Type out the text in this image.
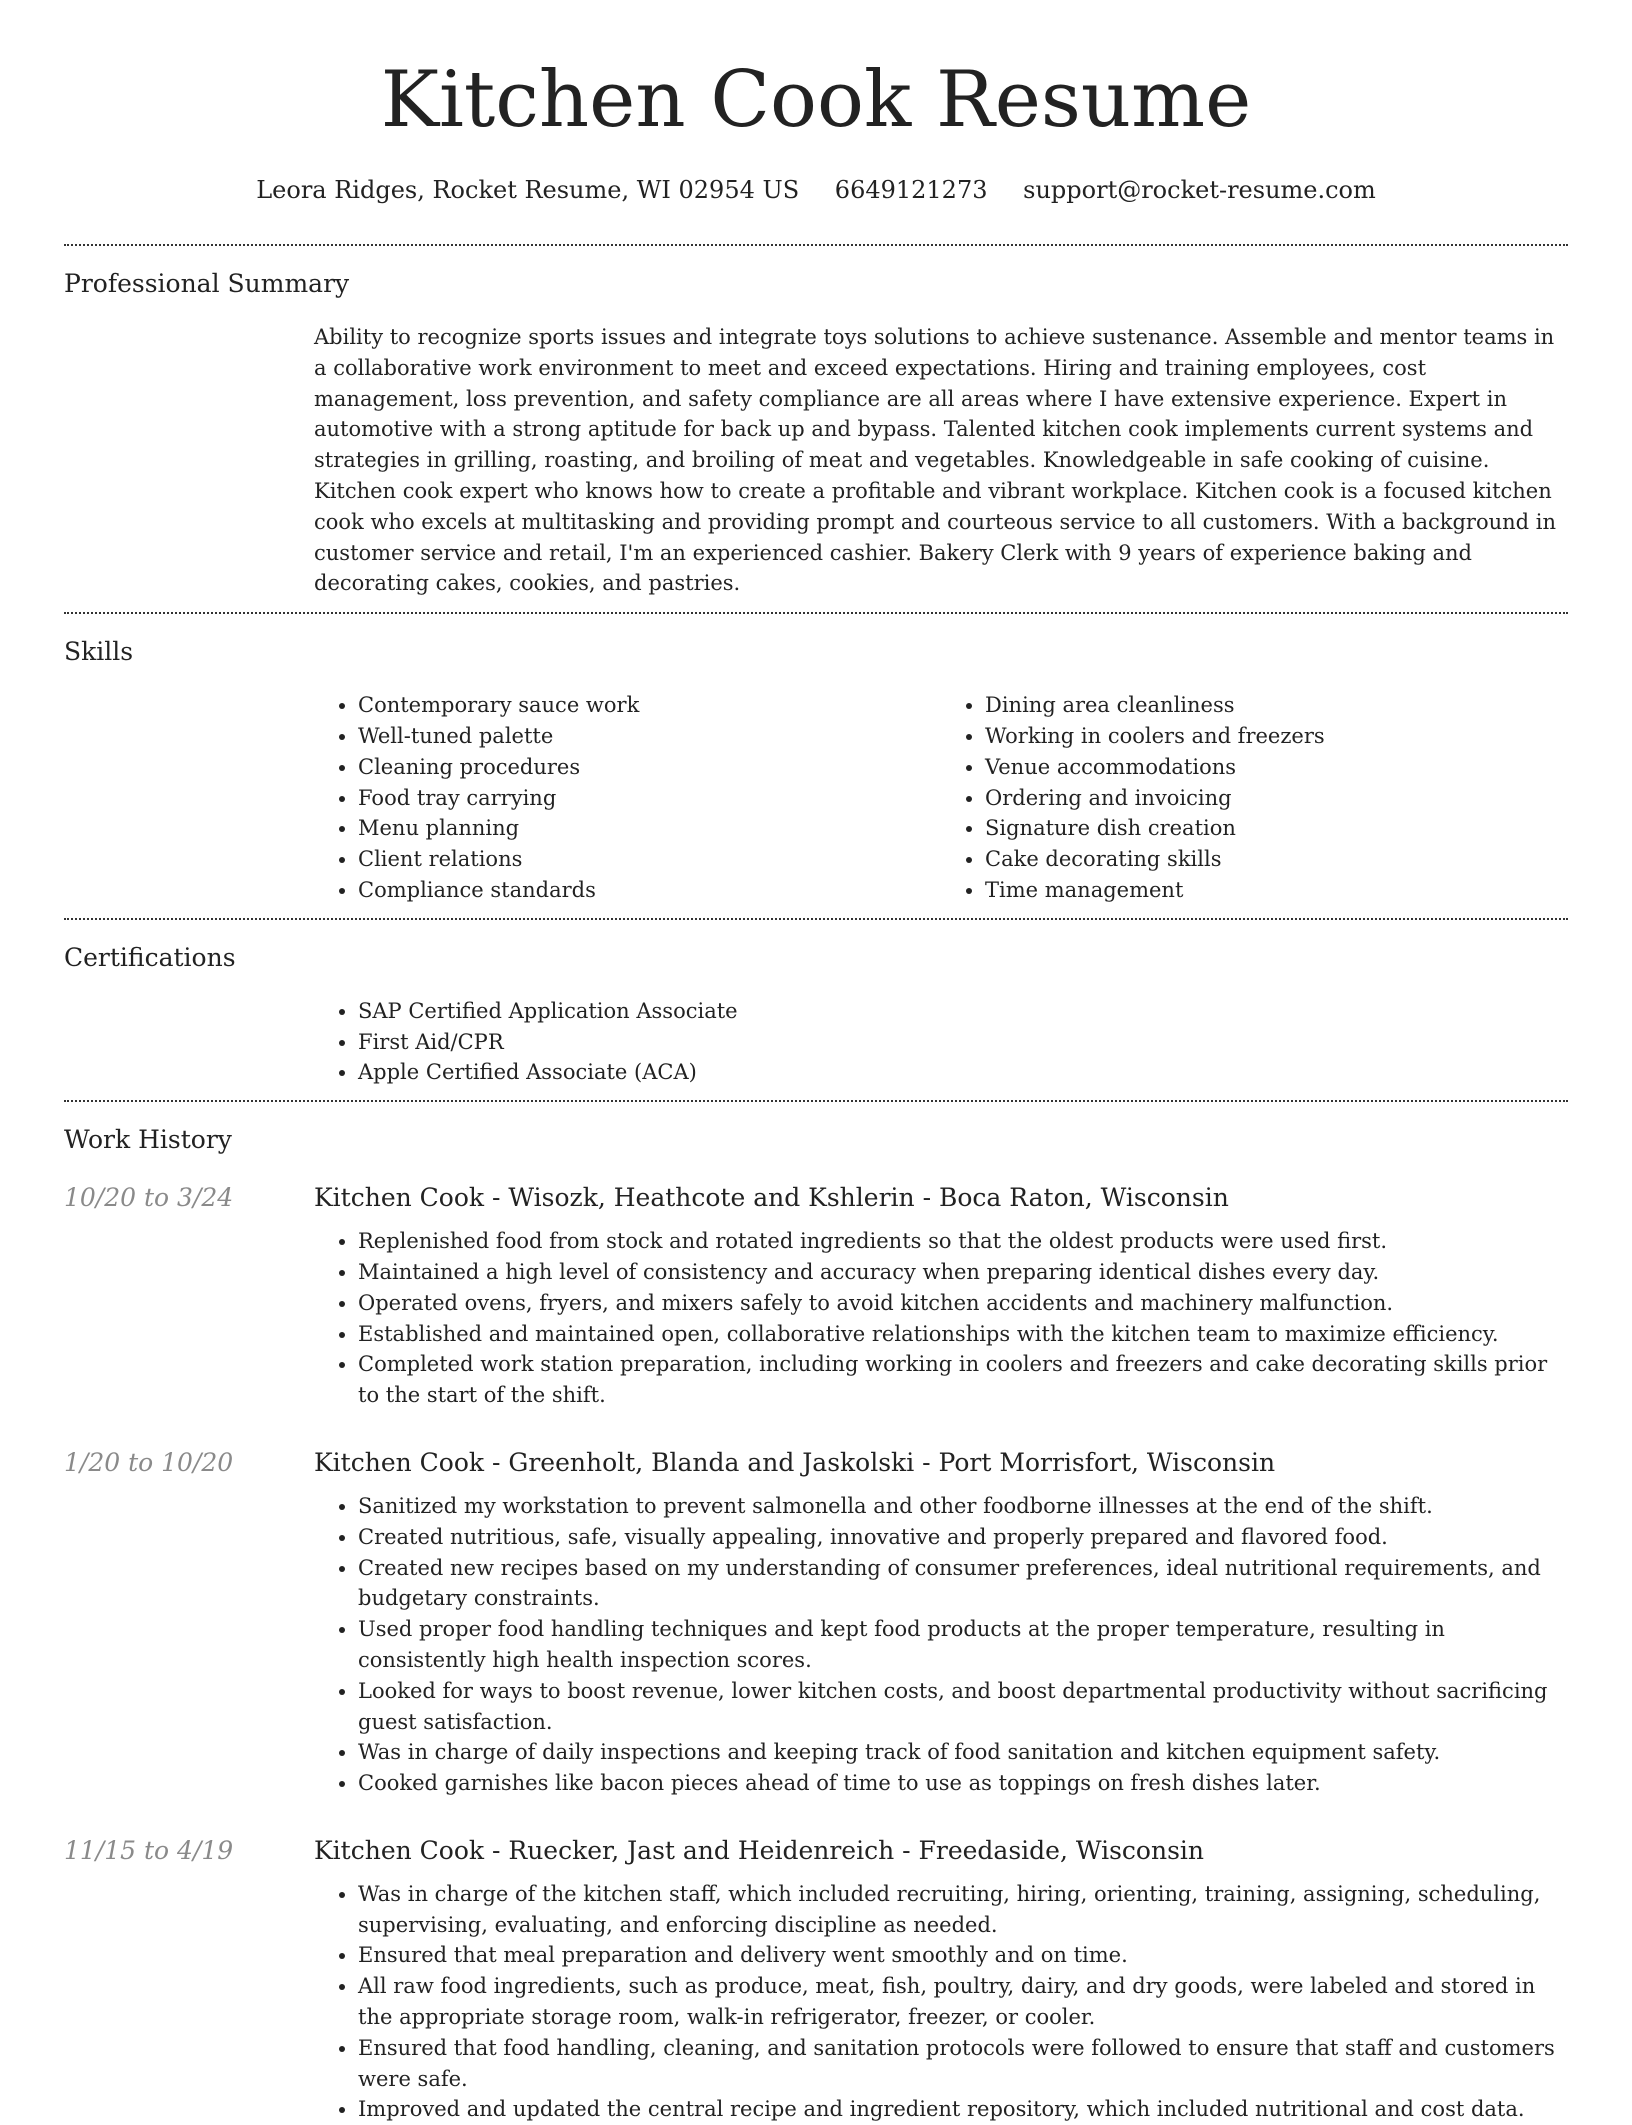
Kitchen Cook Resume
Leora Ridges, Rocket Resume, WI 02954 US 6649121273 support@rocket-resume.com
Professional Summary

Ability to recognize sports issues and integrate toys solutions to achieve sustenance. Assemble and mentor teams in a collaborative work environment to meet and exceed expectations. Hiring and training employees, cost management, loss prevention, and safety compliance are all areas where I have extensive experience. Expert in automotive with a strong aptitude for back up and bypass. Talented kitchen cook implements current systems and strategies in grilling, roasting, and broiling of meat and vegetables. Knowledgeable in safe cooking of cuisine. Kitchen cook expert who knows how to create a profitable and vibrant workplace. Kitchen cook is a focused kitchen cook who excels at multitasking and providing prompt and courteous service to all customers. With a background in customer service and retail, I'm an experienced cashier. Bakery Clerk with 9 years of experience baking and decorating cakes, cookies, and pastries.

Skills
• Contemporary sauce work
• Well-tuned palette
• Cleaning procedures
• Food tray carrying
• Menu planning
• Client relations
• Compliance standards
• Dining area cleanliness
• Working in coolers and freezers
• Venue accommodations
• Ordering and invoicing
• Signature dish creation
• Cake decorating skills
• Time management
Certifications
• SAP Certified Application Associate
• First Aid/CPR
• Apple Certified Associate (ACA)
Work History
10/20 to 3/24	Kitchen Cook - Wisozk, Heathcote and Kshlerin - Boca Raton, Wisconsin
• Replenished food from stock and rotated ingredients so that the oldest products were used first.
• Maintained a high level of consistency and accuracy when preparing identical dishes every day.
• Operated ovens, fryers, and mixers safely to avoid kitchen accidents and machinery malfunction.
• Established and maintained open, collaborative relationships with the kitchen team to maximize efficiency.
• Completed work station preparation, including working in coolers and freezers and cake decorating skills prior to the start of the shift.
1/20 to 10/20	Kitchen Cook - Greenholt, Blanda and Jaskolski - Port Morrisfort, Wisconsin
• Sanitized my workstation to prevent salmonella and other foodborne illnesses at the end of the shift.
• Created nutritious, safe, visually appealing, innovative and properly prepared and flavored food.
• Created new recipes based on my understanding of consumer preferences, ideal nutritional requirements, and budgetary constraints.
• Used proper food handling techniques and kept food products at the proper temperature, resulting in consistently high health inspection scores.
• Looked for ways to boost revenue, lower kitchen costs, and boost departmental productivity without sacrificing guest satisfaction.
• Was in charge of daily inspections and keeping track of food sanitation and kitchen equipment safety.
• Cooked garnishes like bacon pieces ahead of time to use as toppings on fresh dishes later.
11/15 to 4/19	Kitchen Cook - Ruecker, Jast and Heidenreich - Freedaside, Wisconsin
• Was in charge of the kitchen staff, which included recruiting, hiring, orienting, training, assigning, scheduling, supervising, evaluating, and enforcing discipline as needed.
• Ensured that meal preparation and delivery went smoothly and on time.
• All raw food ingredients, such as produce, meat, fish, poultry, dairy, and dry goods, were labeled and stored in the appropriate storage room, walk-in refrigerator, freezer, or cooler.
• Ensured that food handling, cleaning, and sanitation protocols were followed to ensure that staff and customers were safe.
• Improved and updated the central recipe and ingredient repository, which included nutritional and cost data.
